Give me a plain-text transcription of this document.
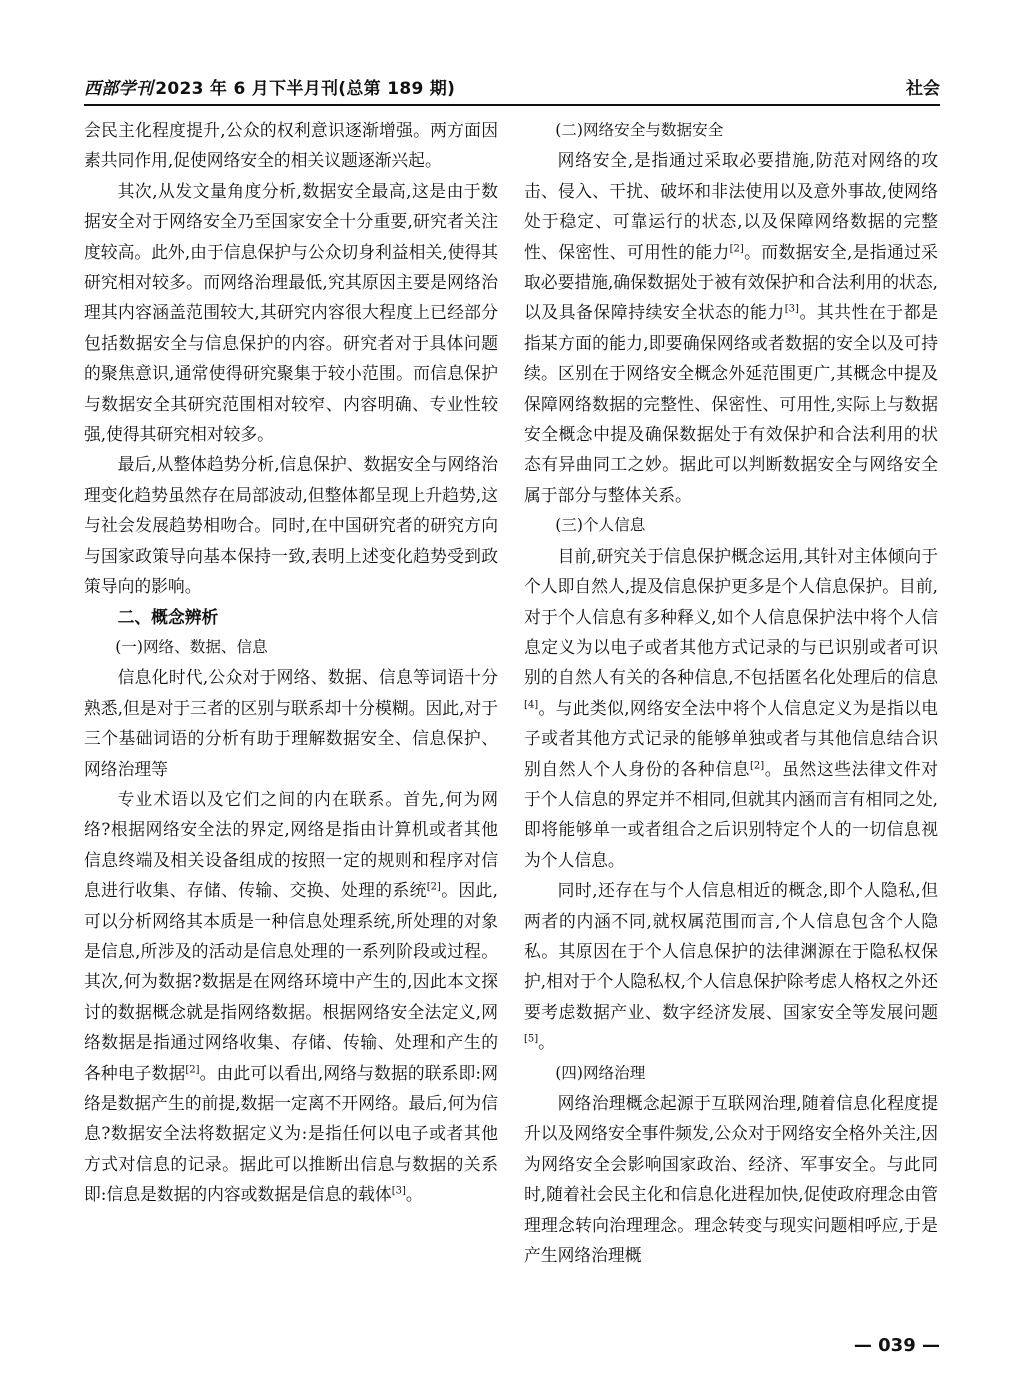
西部学刊 2023 年 6 月下半月刊(总第 189 期)	社会

会民主化程度提升,公众的权利意识逐渐增强。两方面因素共同作用,促使网络安全的相关议题逐渐兴起。

其次,从发文量角度分析,数据安全最高,这是由于数据安全对于网络安全乃至国家安全十分重要,研究者关注度较高。此外,由于信息保护与公众切身利益相关,使得其研究相对较多。而网络治理最低,究其原因主要是网络治理其内容涵盖范围较大,其研究内容很大程度上已经部分包括数据安全与信息保护的内容。研究者对于具体问题的聚焦意识,通常使得研究聚集于较小范围。而信息保护与数据安全其研究范围相对较窄、内容明确、专业性较强,使得其研究相对较多。

最后,从整体趋势分析,信息保护、数据安全与网络治理变化趋势虽然存在局部波动,但整体都呈现上升趋势,这与社会发展趋势相吻合。同时,在中国研究者的研究方向与国家政策导向基本保持一致,表明上述变化趋势受到政策导向的影响。

二、概念辨析

(一)网络、数据、信息

信息化时代,公众对于网络、数据、信息等词语十分熟悉,但是对于三者的区别与联系却十分模糊。因此,对于三个基础词语的分析有助于理解数据安全、信息保护、网络治理等

专业术语以及它们之间的内在联系。首先,何为网络?根据网络安全法的界定,网络是指由计算机或者其他信息终端及相关设备组成的按照一定的规则和程序对信息进行收集、存储、传输、交换、处理的系统[2]。因此,可以分析网络其本质是一种信息处理系统,所处理的对象是信息,所涉及的活动是信息处理的一系列阶段或过程。其次,何为数据?数据是在网络环境中产生的,因此本文探讨的数据概念就是指网络数据。根据网络安全法定义,网络数据是指通过网络收集、存储、传输、处理和产生的各种电子数据[2]。由此可以看出,网络与数据的联系即:网络是数据产生的前提,数据一定离不开网络。最后,何为信息?数据安全法将数据定义为:是指任何以电子或者其他方式对信息的记录。据此可以推断出信息与数据的关系即:信息是数据的内容或数据是信息的载体[3]。

(二)网络安全与数据安全

网络安全,是指通过采取必要措施,防范对网络的攻击、侵入、干扰、破坏和非法使用以及意外事故,使网络处于稳定、可靠运行的状态,以及保障网络数据的完整性、保密性、可用性的能力[2]。而数据安全,是指通过采取必要措施,确保数据处于被有效保护和合法利用的状态,以及具备保障持续安全状态的能力[3]。其共性在于都是指某方面的能力,即要确保网络或者数据的安全以及可持续。区别在于网络安全概念外延范围更广,其概念中提及保障网络数据的完整性、保密性、可用性,实际上与数据安全概念中提及确保数据处于有效保护和合法利用的状态有异曲同工之妙。据此可以判断数据安全与网络安全属于部分与整体关系。

(三)个人信息

目前,研究关于信息保护概念运用,其针对主体倾向于个人即自然人,提及信息保护更多是个人信息保护。目前,对于个人信息有多种释义,如个人信息保护法中将个人信息定义为以电子或者其他方式记录的与已识别或者可识别的自然人有关的各种信息,不包括匿名化处理后的信息[4]。与此类似,网络安全法中将个人信息定义为是指以电子或者其他方式记录的能够单独或者与其他信息结合识别自然人个人身份的各种信息[2]。虽然这些法律文件对于个人信息的界定并不相同,但就其内涵而言有相同之处,即将能够单一或者组合之后识别特定个人的一切信息视为个人信息。

同时,还存在与个人信息相近的概念,即个人隐私,但两者的内涵不同,就权属范围而言,个人信息包含个人隐私。其原因在于个人信息保护的法律渊源在于隐私权保护,相对于个人隐私权,个人信息保护除考虑人格权之外还要考虑数据产业、数字经济发展、国家安全等发展问题[5]。

(四)网络治理

网络治理概念起源于互联网治理,随着信息化程度提升以及网络安全事件频发,公众对于网络安全格外关注,因为网络安全会影响国家政治、经济、军事安全。与此同时,随着社会民主化和信息化进程加快,促使政府理念由管理理念转向治理理念。理念转变与现实问题相呼应,于是产生网络治理概

— 039 —
